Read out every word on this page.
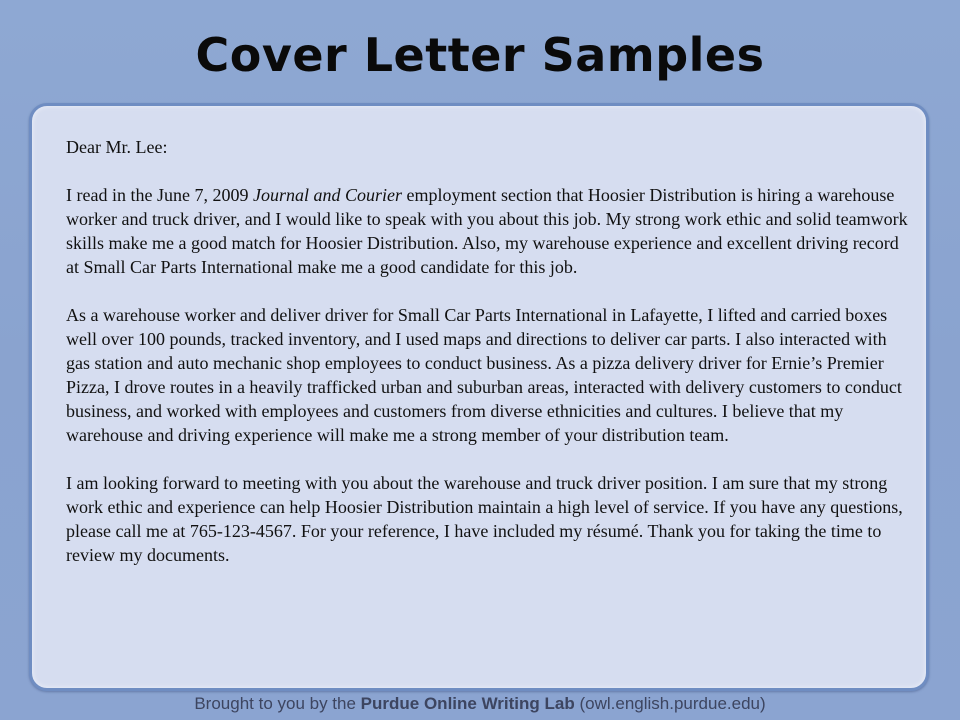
Cover Letter Samples

Dear Mr. Lee:

I read in the June 7, 2009 Journal and Courier employment section that Hoosier Distribution is hiring a warehouse worker and truck driver, and I would like to speak with you about this job. My strong work ethic and solid teamwork skills make me a good match for Hoosier Distribution. Also, my warehouse experience and excellent driving record at Small Car Parts International make me a good candidate for this job.

As a warehouse worker and deliver driver for Small Car Parts International in Lafayette, I lifted and carried boxes well over 100 pounds, tracked inventory, and I used maps and directions to deliver car parts. I also interacted with gas station and auto mechanic shop employees to conduct business. As a pizza delivery driver for Ernie’s Premier Pizza, I drove routes in a heavily trafficked urban and suburban areas, interacted with delivery customers to conduct business, and worked with employees and customers from diverse ethnicities and cultures. I believe that my warehouse and driving experience will make me a strong member of your distribution team.

I am looking forward to meeting with you about the warehouse and truck driver position. I am sure that my strong work ethic and experience can help Hoosier Distribution maintain a high level of service. If you have any questions, please call me at 765-123-4567. For your reference, I have included my résumé. Thank you for taking the time to review my documents.

Brought to you by the Purdue Online Writing Lab (owl.english.purdue.edu)
